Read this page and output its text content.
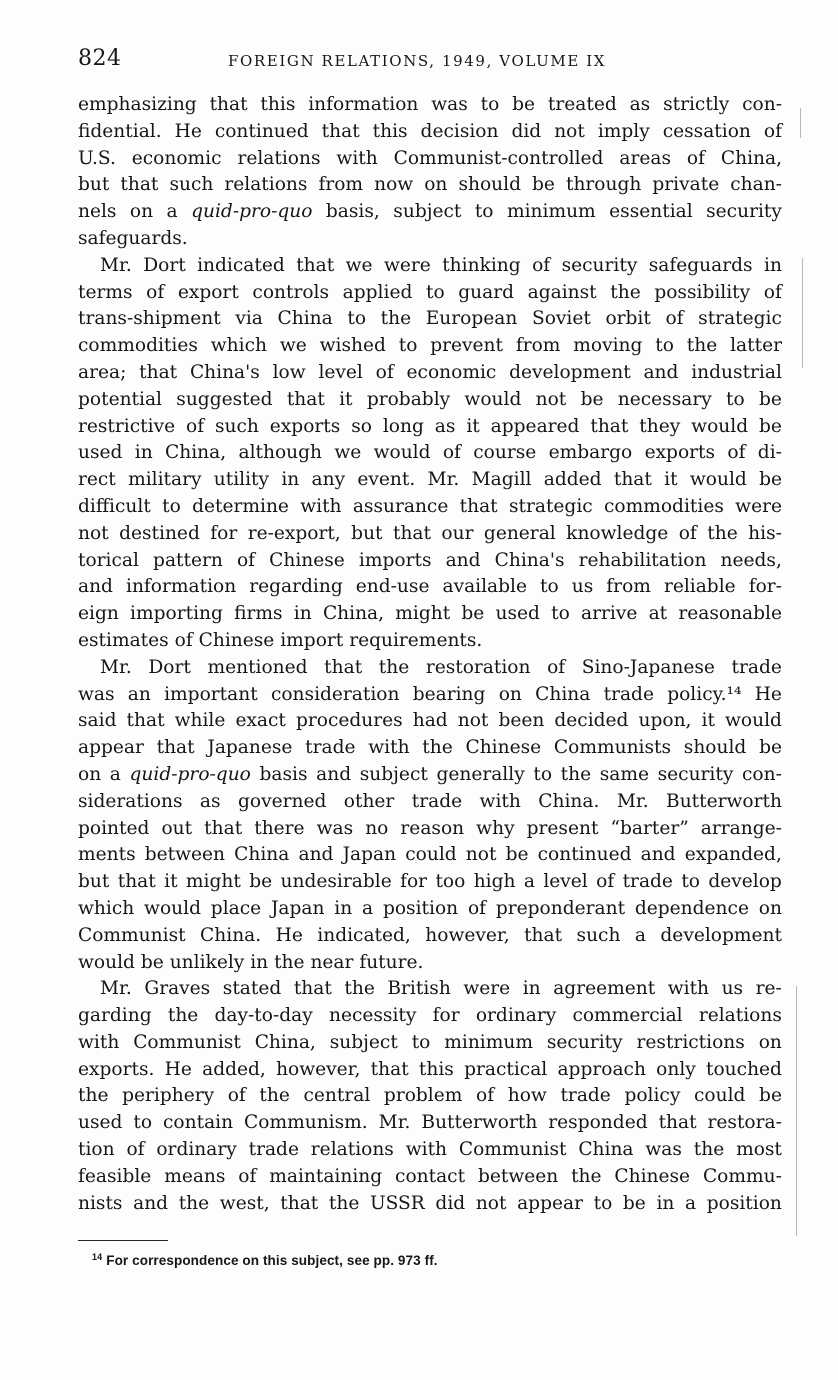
824	FOREIGN RELATIONS, 1949, VOLUME IX
emphasizing that this information was to be treated as strictly con-
fidential. He continued that this decision did not imply cessation of
U.S. economic relations with Communist-controlled areas of China,
but that such relations from now on should be through private chan-
nels on a quid-pro-quo basis, subject to minimum essential security
safeguards.
Mr. Dort indicated that we were thinking of security safeguards in
terms of export controls applied to guard against the possibility of
trans-shipment via China to the European Soviet orbit of strategic
commodities which we wished to prevent from moving to the latter
area; that China's low level of economic development and industrial
potential suggested that it probably would not be necessary to be
restrictive of such exports so long as it appeared that they would be
used in China, although we would of course embargo exports of di-
rect military utility in any event. Mr. Magill added that it would be
difficult to determine with assurance that strategic commodities were
not destined for re-export, but that our general knowledge of the his-
torical pattern of Chinese imports and China's rehabilitation needs,
and information regarding end-use available to us from reliable for-
eign importing firms in China, might be used to arrive at reasonable
estimates
of
Chinese
import
requirements.
Mr. Dort mentioned that the restoration of Sino-Japanese trade
was an important consideration bearing on China trade policy.¹⁴ He
said that while exact procedures had not been decided upon, it would
appear that Japanese trade with the Chinese Communists should be
on a quid-pro-quo basis and subject generally to the same security con-
siderations as governed other trade with China. Mr. Butterworth
pointed out that there was no reason why present “barter” arrange-
ments between China and Japan could not be continued and expanded,
but that it might be undesirable for too high a level of trade to develop
which would place Japan in a position of preponderant dependence on
Communist China. He indicated, however, that such a development
would
be
unlikely
in
the
near
future.
Mr. Graves stated that the British were in agreement with us re-
garding the day-to-day necessity for ordinary commercial relations
with Communist China, subject to minimum security restrictions on
exports. He added, however, that this practical approach only touched
the periphery of the central problem of how trade policy could be
used to contain Communism. Mr. Butterworth responded that restora-
tion of ordinary trade relations with Communist China was the most
feasible means of maintaining contact between the Chinese Commu-
nists and the west, that the USSR did not appear to be in a position
$^{14}$ For correspondence on this subject, see pp. 973 ff.
